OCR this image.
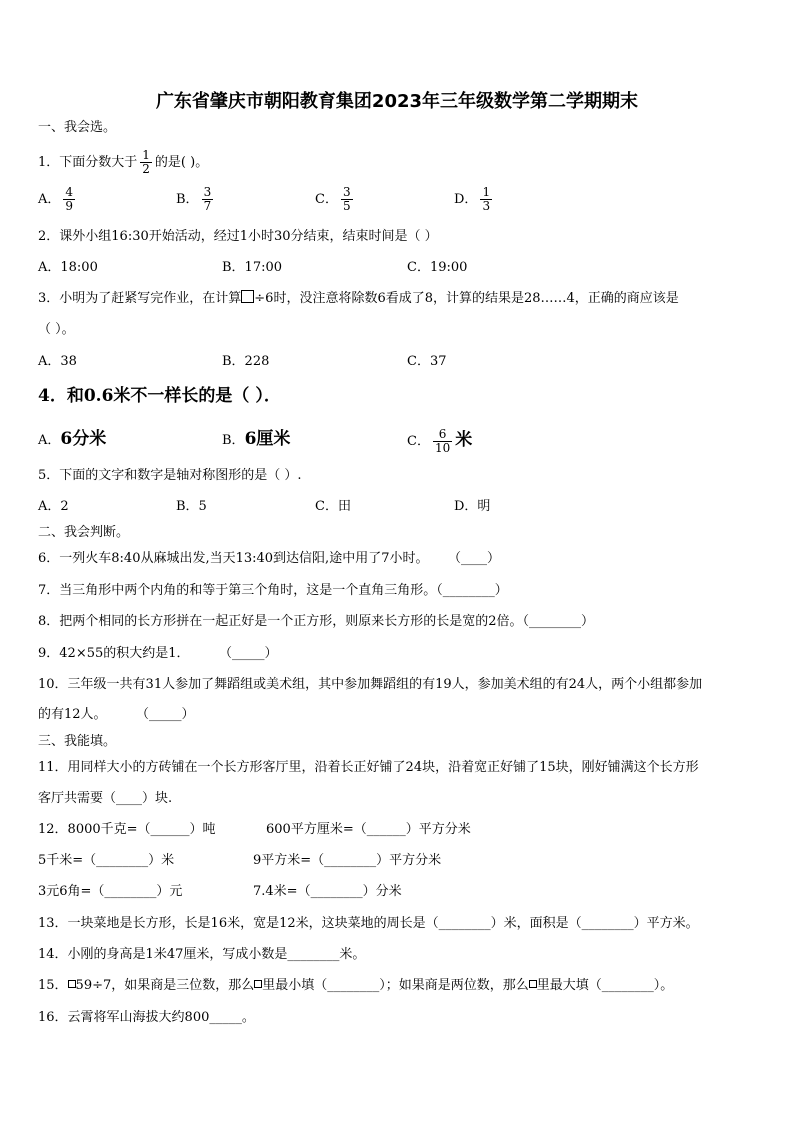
广东省肇庆市朝阳教育集团2023年三年级数学第二学期期末
一、我会选。
1．下面分数大于 $\frac{1}{2}$ 的是( )。
A． $\frac{4}{9}$	B． $\frac{3}{7}$	C． $\frac{3}{5}$	D． $\frac{1}{3}$
2．课外小组16:30开始活动，经过1小时30分结束，结束时间是（ ）
A．18:00	B．17:00	C．19:00
3．小明为了赶紧写完作业，在计算 ÷6时，没注意将除数6看成了8，计算的结果是28……4，正确的商应该是
（ ）。
A．38	B．228	C．37
4．和0.6米不一样长的是（ ）．
A．6分米	B．6厘米	C． $\frac{6}{10}$ 米
5．下面的文字和数字是轴对称图形的是（ ）.
A．2	B．5	C．田	D．明
二、我会判断。
6．一列火车8:40从麻城出发,当天13:40到达信阳,途中用了7小时。 （____）
7．当三角形中两个内角的和等于第三个角时，这是一个直角三角形。（________）
8．把两个相同的长方形拼在一起正好是一个正方形，则原来长方形的长是宽的2倍。（________）
9．42×55的积大约是1．	（_____）
10．三年级一共有31人参加了舞蹈组或美术组，其中参加舞蹈组的有19人，参加美术组的有24人，两个小组都参加
的有12人。	（_____）
三、我能填。
11．用同样大小的方砖铺在一个长方形客厅里，沿着长正好铺了24块，沿着宽正好铺了15块，刚好铺满这个长方形
客厅共需要（____）块.
12．8000千克=（______）吨	600平方厘米=（______）平方分米
5千米=（________）米	9平方米=（________）平方分米
3元6角=（________）元	7.4米=（________）分米
13．一块菜地是长方形，长是16米，宽是12米，这块菜地的周长是（________）米，面积是（________）平方米。
14．小刚的身高是1米47厘米，写成小数是________米。
15． 59÷7，如果商是三位数，那么 里最小填（________）；如果商是两位数，那么 里最大填（________）。
16．云霄将军山海拔大约800_____。
